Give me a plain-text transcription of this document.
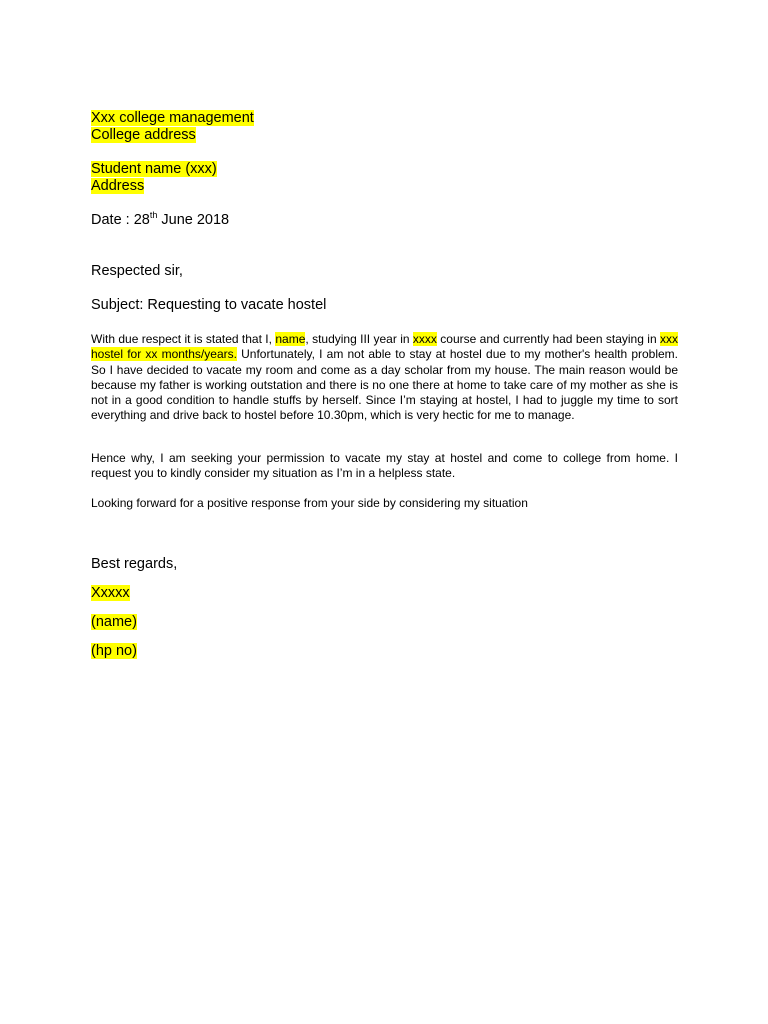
Xxx college management
College address
Student name (xxx)
Address
Date : 28th June 2018
Respected sir,
Subject: Requesting to vacate hostel
With due respect it is stated that I, name, studying III year in xxxx course and currently had been staying in xxx hostel for xx months/years. Unfortunately, I am not able to stay at hostel due to my mother's health problem. So I have decided to vacate my room and come as a day scholar from my house. The main reason would be because my father is working outstation and there is no one there at home to take care of my mother as she is not in a good condition to handle stuffs by herself. Since I’m staying at hostel, I had to juggle my time to sort everything and drive back to hostel before 10.30pm, which is very hectic for me to manage.
Hence why, I am seeking your permission to vacate my stay at hostel and come to college from home. I request you to kindly consider my situation as I’m in a helpless state.
Looking forward for a positive response from your side by considering my situation
Best regards,
Xxxxx
(name)
(hp no)
